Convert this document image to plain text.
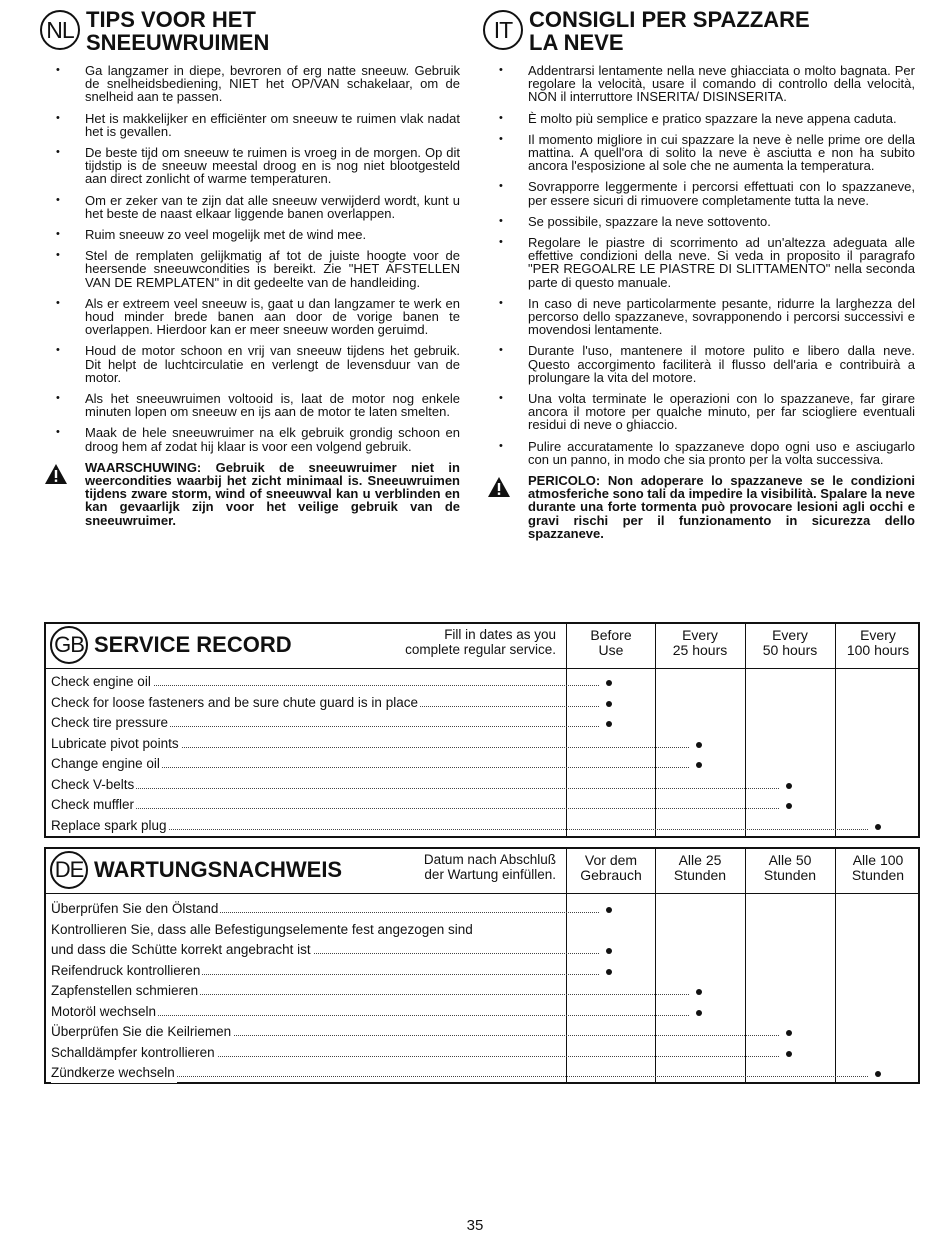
NL TIPS VOOR HET
SNEEUWRUIMEN
• Ga langzamer in diepe, bevroren of erg natte sneeuw. Gebruik de snelheidsbediening, NIET het OP/VAN schakelaar, om de snelheid aan te passen.
• Het is makkelijker en efficiënter om sneeuw te ruimen vlak nadat het is gevallen.
• De beste tijd om sneeuw te ruimen is vroeg in de morgen. Op dit tijdstip is de sneeuw meestal droog en is nog niet blootgesteld aan direct zonlicht of warme temperaturen.
• Om er zeker van te zijn dat alle sneeuw verwijderd wordt, kunt u het beste de naast elkaar liggende banen overlappen.
• Ruim sneeuw zo veel mogelijk met de wind mee.
• Stel de remplaten gelijkmatig af tot de juiste hoogte voor de heersende sneeuwcondities is bereikt. Zie "HET AFSTELLEN VAN DE REMPLATEN" in dit gedeelte van de handleiding.
• Als er extreem veel sneeuw is, gaat u dan langzamer te werk en houd minder brede banen aan door de vorige banen te overlappen. Hierdoor kan er meer sneeuw worden geruimd.
• Houd de motor schoon en vrij van sneeuw tijdens het gebruik. Dit helpt de luchtcirculatie en verlengt de levensduur van de motor.
• Als het sneeuwruimen voltooid is, laat de motor nog enkele minuten lopen om sneeuw en ijs aan de motor te laten smelten.
• Maak de hele sneeuwruimer na elk gebruik grondig schoon en droog hem af zodat hij klaar is voor een volgend gebruik.
WAARSCHUWING: Gebruik de sneeuwruimer niet in weercondities waarbij het zicht minimaal is. Sneeuwruimen tijdens zware storm, wind of sneeuwval kan u verblinden en kan gevaarlijk zijn voor het veilige gebruik van de sneeuwruimer.
IT CONSIGLI PER SPAZZARE
LA NEVE
• Addentrarsi lentamente nella neve ghiacciata o molto bagnata. Per regolare la velocità, usare il comando di controllo della velocità, NON il interruttore INSERITA/ DISINSERITA.
• È molto più semplice e pratico spazzare la neve appena caduta.
• Il momento migliore in cui spazzare la neve è nelle prime ore della mattina. A quell'ora di solito la neve è asciutta e non ha subito ancora l'esposizione al sole che ne aumenta la temperatura.
• Sovrapporre leggermente i percorsi effettuati con lo spazzaneve, per essere sicuri di rimuovere completamente tutta la neve.
• Se possibile, spazzare la neve sottovento.
• Regolare le piastre di scorrimento ad un'altezza adeguata alle effettive condizioni della neve. Si veda in proposito il paragrafo "PER REGOALRE LE PIASTRE DI SLITTAMENTO" nella seconda parte di questo manuale.
• In caso di neve particolarmente pesante, ridurre la larghezza del percorso dello spazzaneve, sovrapponendo i percorsi successivi e movendosi lentamente.
• Durante l'uso, mantenere il motore pulito e libero dalla neve. Questo accorgimento faciliterà il flusso dell'aria e contribuirà a prolungare la vita del motore.
• Una volta terminate le operazioni con lo spazzaneve, far girare ancora il motore per qualche minuto, per far sciogliere eventuali residui di neve o ghiaccio.
• Pulire accuratamente lo spazzaneve dopo ogni uso e asciugarlo con un panno, in modo che sia pronto per la volta successiva.
PERICOLO: Non adoperare lo spazzaneve se le condizioni atmosferiche sono tali da impedire la visibilità. Spalare la neve durante una forte tormenta può provocare lesioni agli occhi e gravi rischi per il funzionamento in sicurezza dello spazzaneve.
GB SERVICE RECORD	Fill in dates as you
complete regular service.
Before
Use
Every
25 hours
Every
50 hours
Every
100 hours
Check engine oil
Check for loose fasteners and be sure chute guard is in place
Check tire pressure
Lubricate pivot points
Change engine oil
Check V-belts
Check muffler
Replace spark plug
DE WARTUNGSNACHWEIS	Datum nach Abschluß
der Wartung einfüllen.
Vor dem
Gebrauch
Alle 25
Stunden
Alle 50
Stunden
Alle 100
Stunden
Überprüfen Sie den Ölstand
Kontrollieren Sie, dass alle Befestigungselemente fest angezogen sind
und dass die Schütte korrekt angebracht ist
Reifendruck kontrollieren
Zapfenstellen schmieren
Motoröl wechseln
Überprüfen Sie die Keilriemen
Schalldämpfer kontrollieren
Zündkerze wechseln
35
